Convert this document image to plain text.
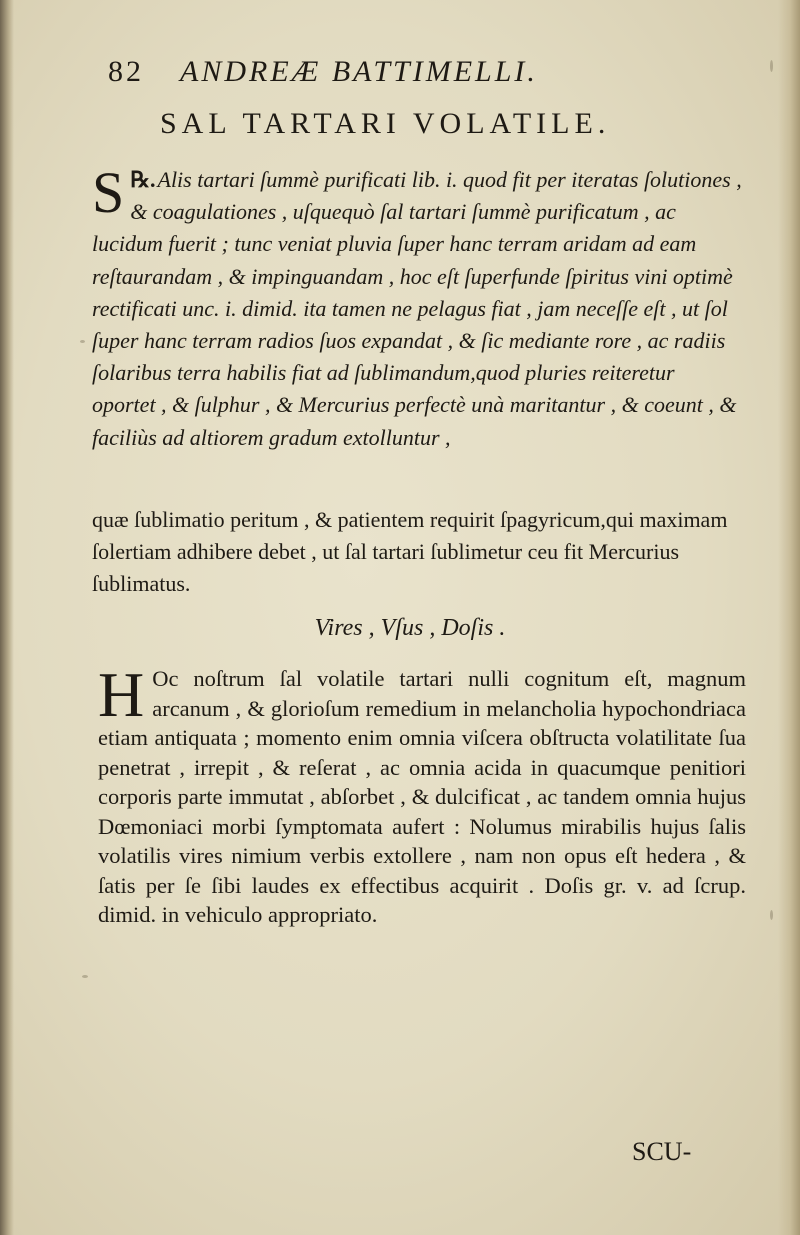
82 ANDREÆ BATTIMELLI.
SAL TARTARI VOLATILE.

℞.
S Alis tartari ſummè purificati lib. i. quod fit per iteratas ſolutiones , & coagulationes , uſquequò ſal tartari ſummè purificatum , ac lucidum fuerit ; tunc veniat pluvia ſuper hanc terram aridam ad eam reſtaurandam , & impinguandam , hoc eſt ſuperfunde ſpiritus vini optimè rectificati unc. i. dimid. ita tamen ne pelagus fiat , jam neceſſe eſt , ut ſol ſuper hanc terram radios ſuos expandat , & ſic mediante rore , ac radiis ſolaribus terra habilis fiat ad ſublimandum,quod pluries reiteretur oportet , & ſulphur , & Mercurius perfectè unà maritantur , & coeunt , & faciliùs ad altiorem gradum extolluntur ,

quæ ſublimatio peritum , & patientem requirit ſpagyricum,qui maximam ſolertiam adhibere debet , ut ſal tartari ſublimetur ceu fit Mercurius ſublimatus.

Vires , Vſus , Doſis .

H Oc noſtrum ſal volatile tartari nulli cognitum eſt, magnum arcanum , & glorioſum remedium in melancholia hypochondriaca etiam antiquata ; momento enim omnia viſcera obſtructa volatilitate ſua penetrat , irrepit , & reſerat , ac omnia acida in quacumque penitiori corporis parte immutat , abſorbet , & dulcificat , ac tandem omnia hujus Dœmoniaci morbi ſymptomata aufert : Nolumus mirabilis hujus ſalis volatilis vires nimium verbis extollere , nam non opus eſt hedera , & ſatis per ſe ſibi laudes ex effectibus acquirit . Doſis gr. v. ad ſcrup. dimid. in vehiculo appropriato.

SCU-
